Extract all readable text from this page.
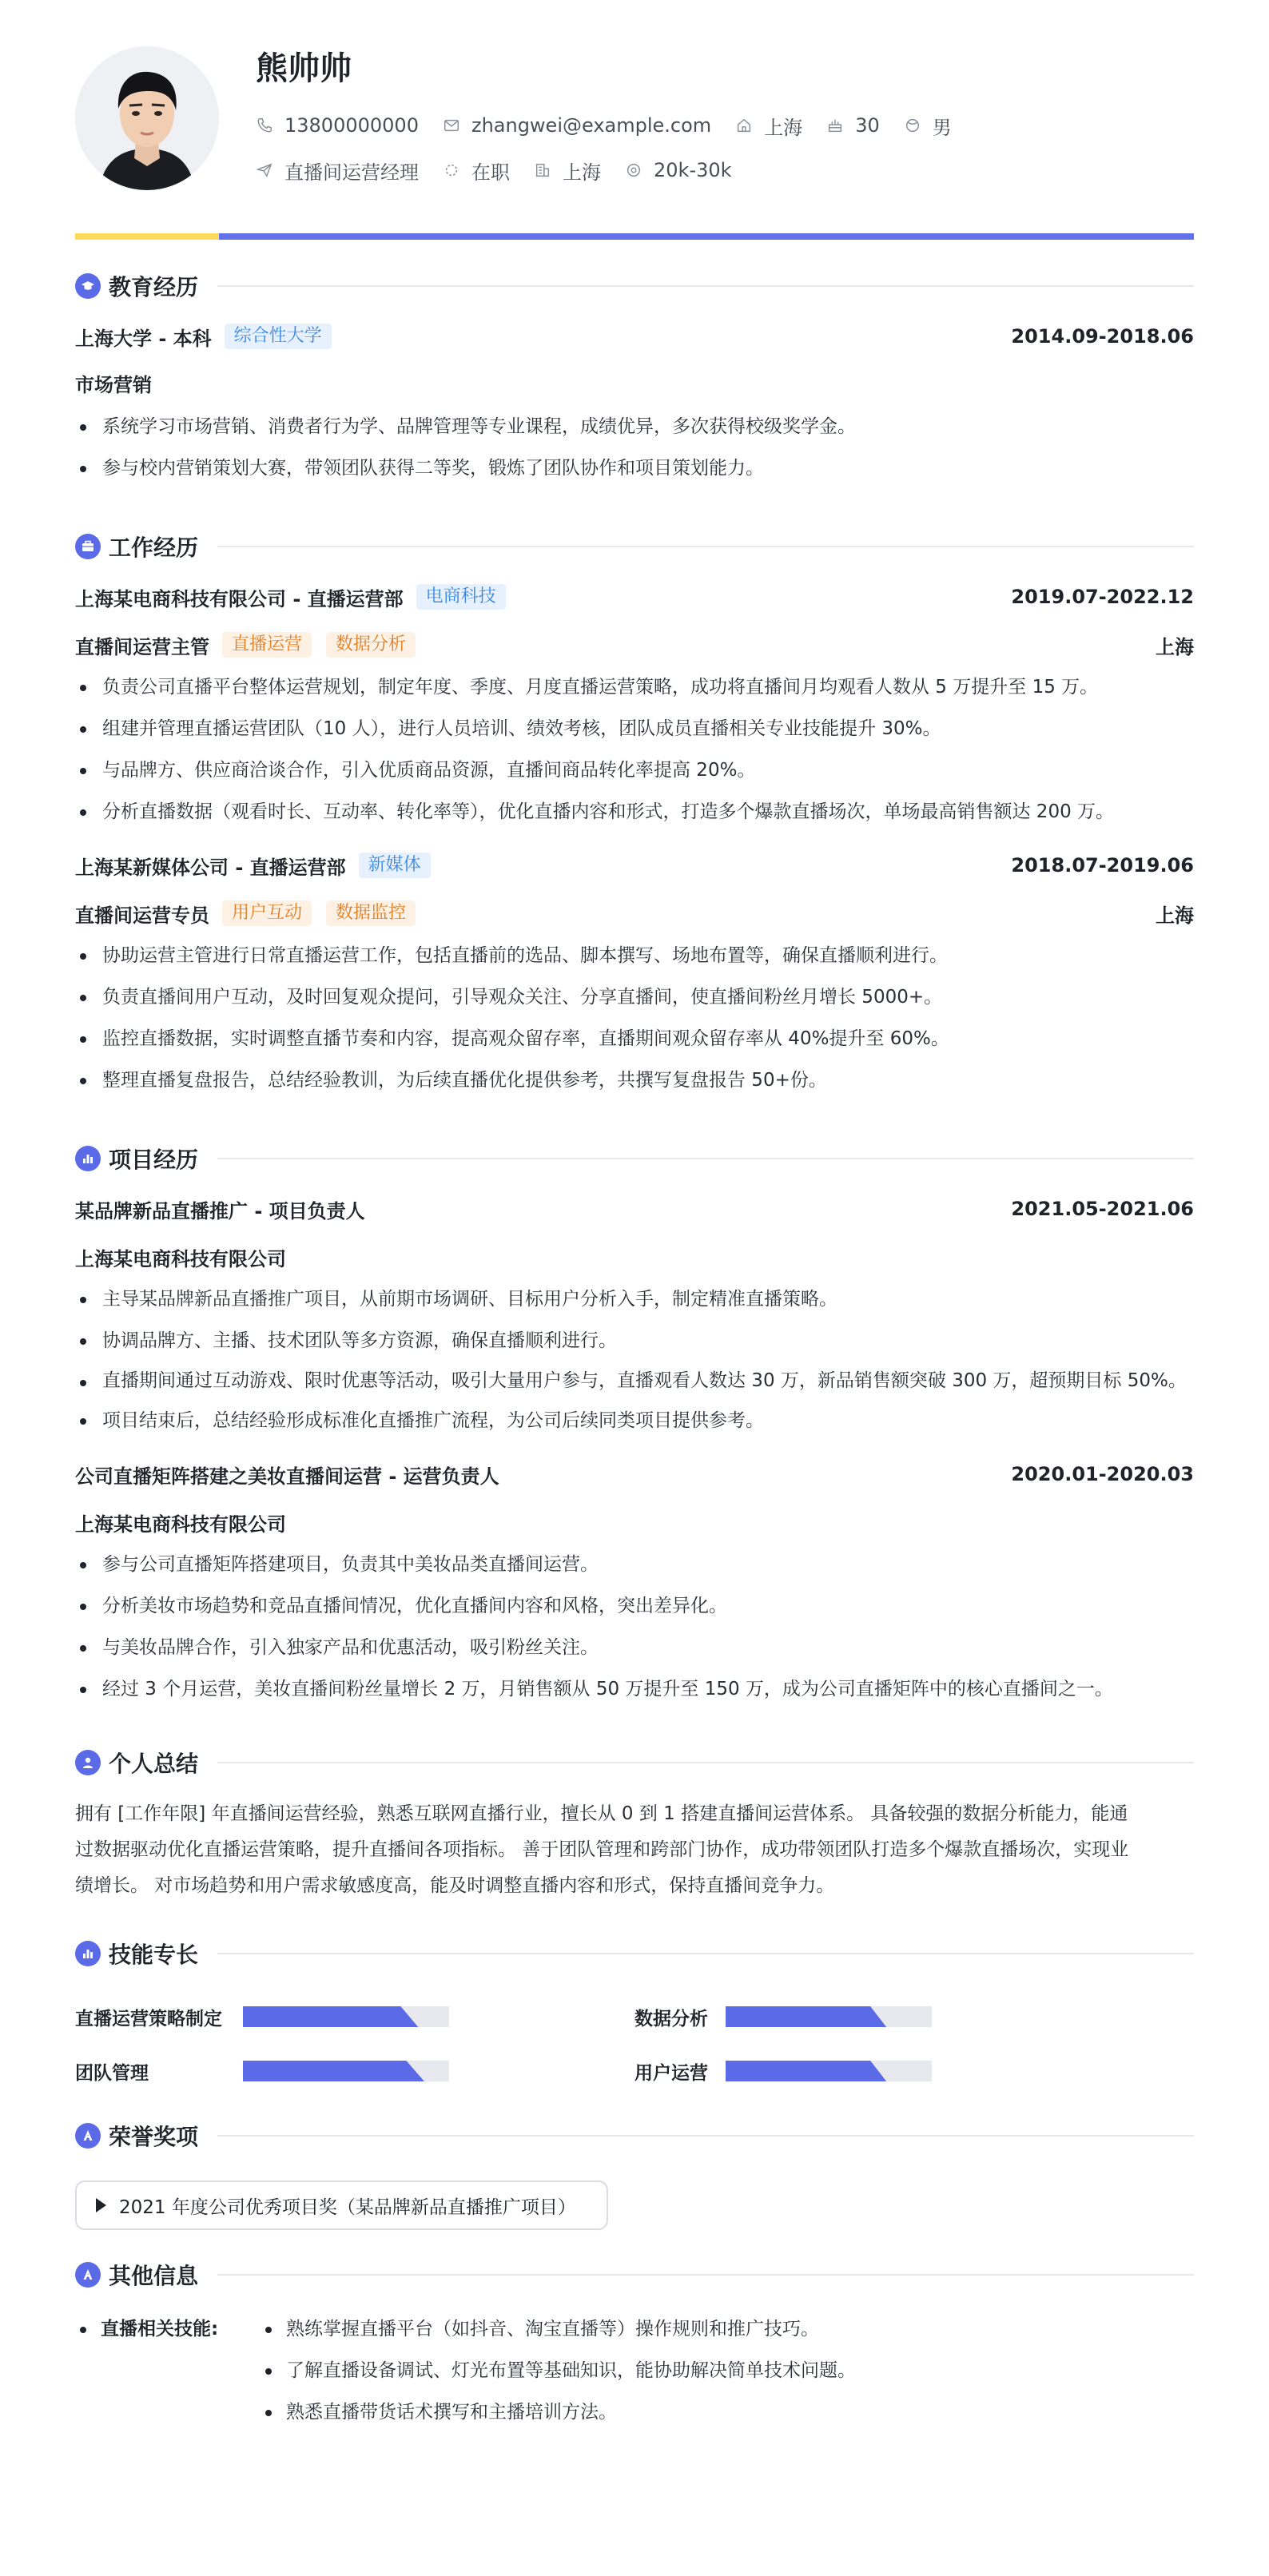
熊帅帅
13800000000	zhangwei@example.com	上海	30	男
直播间运营经理	在职	上海	20k-30k
教育经历
上海大学 - 本科	综合性大学	2014.09-2018.06
市场营销
系统学习市场营销、消费者行为学、品牌管理等专业课程，成绩优异，多次获得校级奖学金。
参与校内营销策划大赛，带领团队获得二等奖，锻炼了团队协作和项目策划能力。
工作经历
上海某电商科技有限公司 - 直播运营部	电商科技	2019.07-2022.12
直播间运营主管	直播运营	数据分析	上海
负责公司直播平台整体运营规划，制定年度、季度、月度直播运营策略，成功将直播间月均观看人数从 5 万提升至 15 万。
组建并管理直播运营团队（10 人），进行人员培训、绩效考核，团队成员直播相关专业技能提升 30%。
与品牌方、供应商洽谈合作，引入优质商品资源，直播间商品转化率提高 20%。
分析直播数据（观看时长、互动率、转化率等），优化直播内容和形式，打造多个爆款直播场次，单场最高销售额达 200 万。
上海某新媒体公司 - 直播运营部	新媒体	2018.07-2019.06
直播间运营专员	用户互动	数据监控	上海
协助运营主管进行日常直播运营工作，包括直播前的选品、脚本撰写、场地布置等，确保直播顺利进行。
负责直播间用户互动，及时回复观众提问，引导观众关注、分享直播间，使直播间粉丝月增长 5000+。
监控直播数据，实时调整直播节奏和内容，提高观众留存率，直播期间观众留存率从 40%提升至 60%。
整理直播复盘报告，总结经验教训，为后续直播优化提供参考，共撰写复盘报告 50+份。
项目经历
某品牌新品直播推广 - 项目负责人	2021.05-2021.06
上海某电商科技有限公司
主导某品牌新品直播推广项目，从前期市场调研、目标用户分析入手，制定精准直播策略。
协调品牌方、主播、技术团队等多方资源，确保直播顺利进行。
直播期间通过互动游戏、限时优惠等活动，吸引大量用户参与，直播观看人数达 30 万，新品销售额突破 300 万，超预期目标 50%。
项目结束后，总结经验形成标准化直播推广流程，为公司后续同类项目提供参考。
公司直播矩阵搭建之美妆直播间运营 - 运营负责人	2020.01-2020.03
上海某电商科技有限公司
参与公司直播矩阵搭建项目，负责其中美妆品类直播间运营。
分析美妆市场趋势和竞品直播间情况，优化直播间内容和风格，突出差异化。
与美妆品牌合作，引入独家产品和优惠活动，吸引粉丝关注。
经过 3 个月运营，美妆直播间粉丝量增长 2 万，月销售额从 50 万提升至 150 万，成为公司直播矩阵中的核心直播间之一。
个人总结
拥有 [工作年限] 年直播间运营经验，熟悉互联网直播行业，擅长从 0 到 1 搭建直播间运营体系。 具备较强的数据分析能力，能通
过数据驱动优化直播运营策略，提升直播间各项指标。 善于团队管理和跨部门协作，成功带领团队打造多个爆款直播场次，实现业
绩增长。 对市场趋势和用户需求敏感度高，能及时调整直播内容和形式，保持直播间竞争力。
技能专长
直播运营策略制定	数据分析
团队管理	用户运营
荣誉奖项
2021 年度公司优秀项目奖（某品牌新品直播推广项目）
其他信息
直播相关技能:	熟练掌握直播平台（如抖音、淘宝直播等）操作规则和推广技巧。
了解直播设备调试、灯光布置等基础知识，能协助解决简单技术问题。
熟悉直播带货话术撰写和主播培训方法。
